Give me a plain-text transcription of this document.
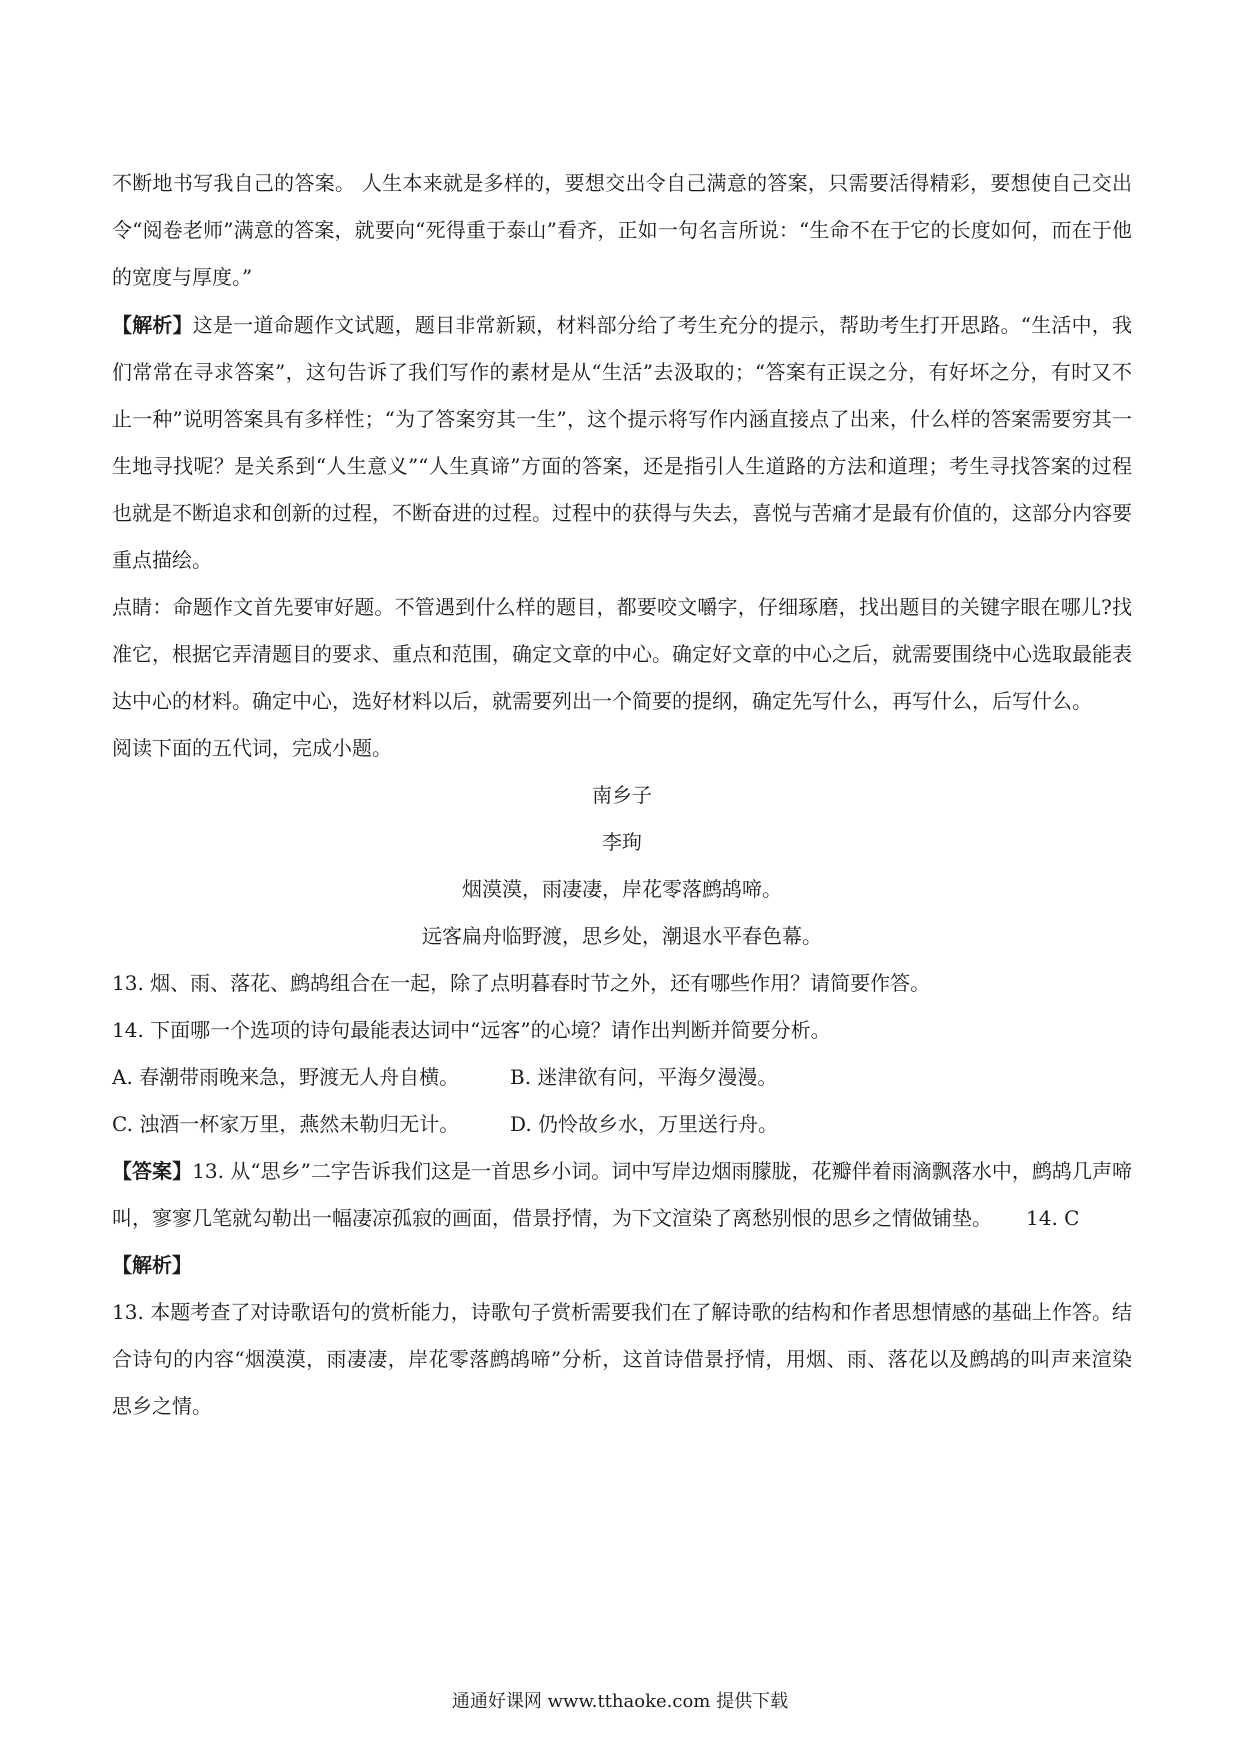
不断地书写我自己的答案。 人生本来就是多样的，要想交出令自己满意的答案，只需要活得精彩，要想使自己交出令“阅卷老师”满意的答案，就要向“死得重于泰山”看齐，正如一句名言所说：“生命不在于它的长度如何，而在于他的宽度与厚度。”

【解析】这是一道命题作文试题，题目非常新颖，材料部分给了考生充分的提示，帮助考生打开思路。“生活中，我们常常在寻求答案”，这句告诉了我们写作的素材是从“生活”去汲取的；“答案有正误之分，有好坏之分，有时又不止一种”说明答案具有多样性；“为了答案穷其一生”，这个提示将写作内涵直接点了出来，什么样的答案需要穷其一生地寻找呢？是关系到“人生意义”“人生真谛”方面的答案，还是指引人生道路的方法和道理；考生寻找答案的过程也就是不断追求和创新的过程，不断奋进的过程。过程中的获得与失去，喜悦与苦痛才是最有价值的，这部分内容要重点描绘。

点睛：命题作文首先要审好题。不管遇到什么样的题目，都要咬文嚼字，仔细琢磨，找出题目的关键字眼在哪儿?找准它，根据它弄清题目的要求、重点和范围，确定文章的中心。确定好文章的中心之后，就需要围绕中心选取最能表达中心的材料。确定中心，选好材料以后，就需要列出一个简要的提纲，确定先写什么，再写什么，后写什么。

阅读下面的五代词，完成小题。

南乡子

李珣

烟漠漠，雨凄凄，岸花零落鹧鸪啼。

远客扁舟临野渡，思乡处，潮退水平春色幕。

13. 烟、雨、落花、鹧鸪组合在一起，除了点明暮春时节之外，还有哪些作用？请简要作答。

14. 下面哪一个选项的诗句最能表达词中“远客”的心境？请作出判断并简要分析。

A. 春潮带雨晚来急，野渡无人舟自横。	B. 迷津欲有问，平海夕漫漫。
C. 浊酒一杯家万里，燕然未勒归无计。	D. 仍怜故乡水，万里送行舟。

【答案】13. 从“思乡”二字告诉我们这是一首思乡小词。词中写岸边烟雨朦胧，花瓣伴着雨滴飘落水中，鹧鸪几声啼叫，寥寥几笔就勾勒出一幅凄凉孤寂的画面，借景抒情，为下文渲染了离愁别恨的思乡之情做铺垫。 14. C

【解析】

13. 本题考查了对诗歌语句的赏析能力，诗歌句子赏析需要我们在了解诗歌的结构和作者思想情感的基础上作答。结合诗句的内容“烟漠漠，雨凄凄，岸花零落鹧鸪啼”分析，这首诗借景抒情，用烟、雨、落花以及鹧鸪的叫声来渲染思乡之情。

通通好课网 www.tthaoke.com 提供下载
